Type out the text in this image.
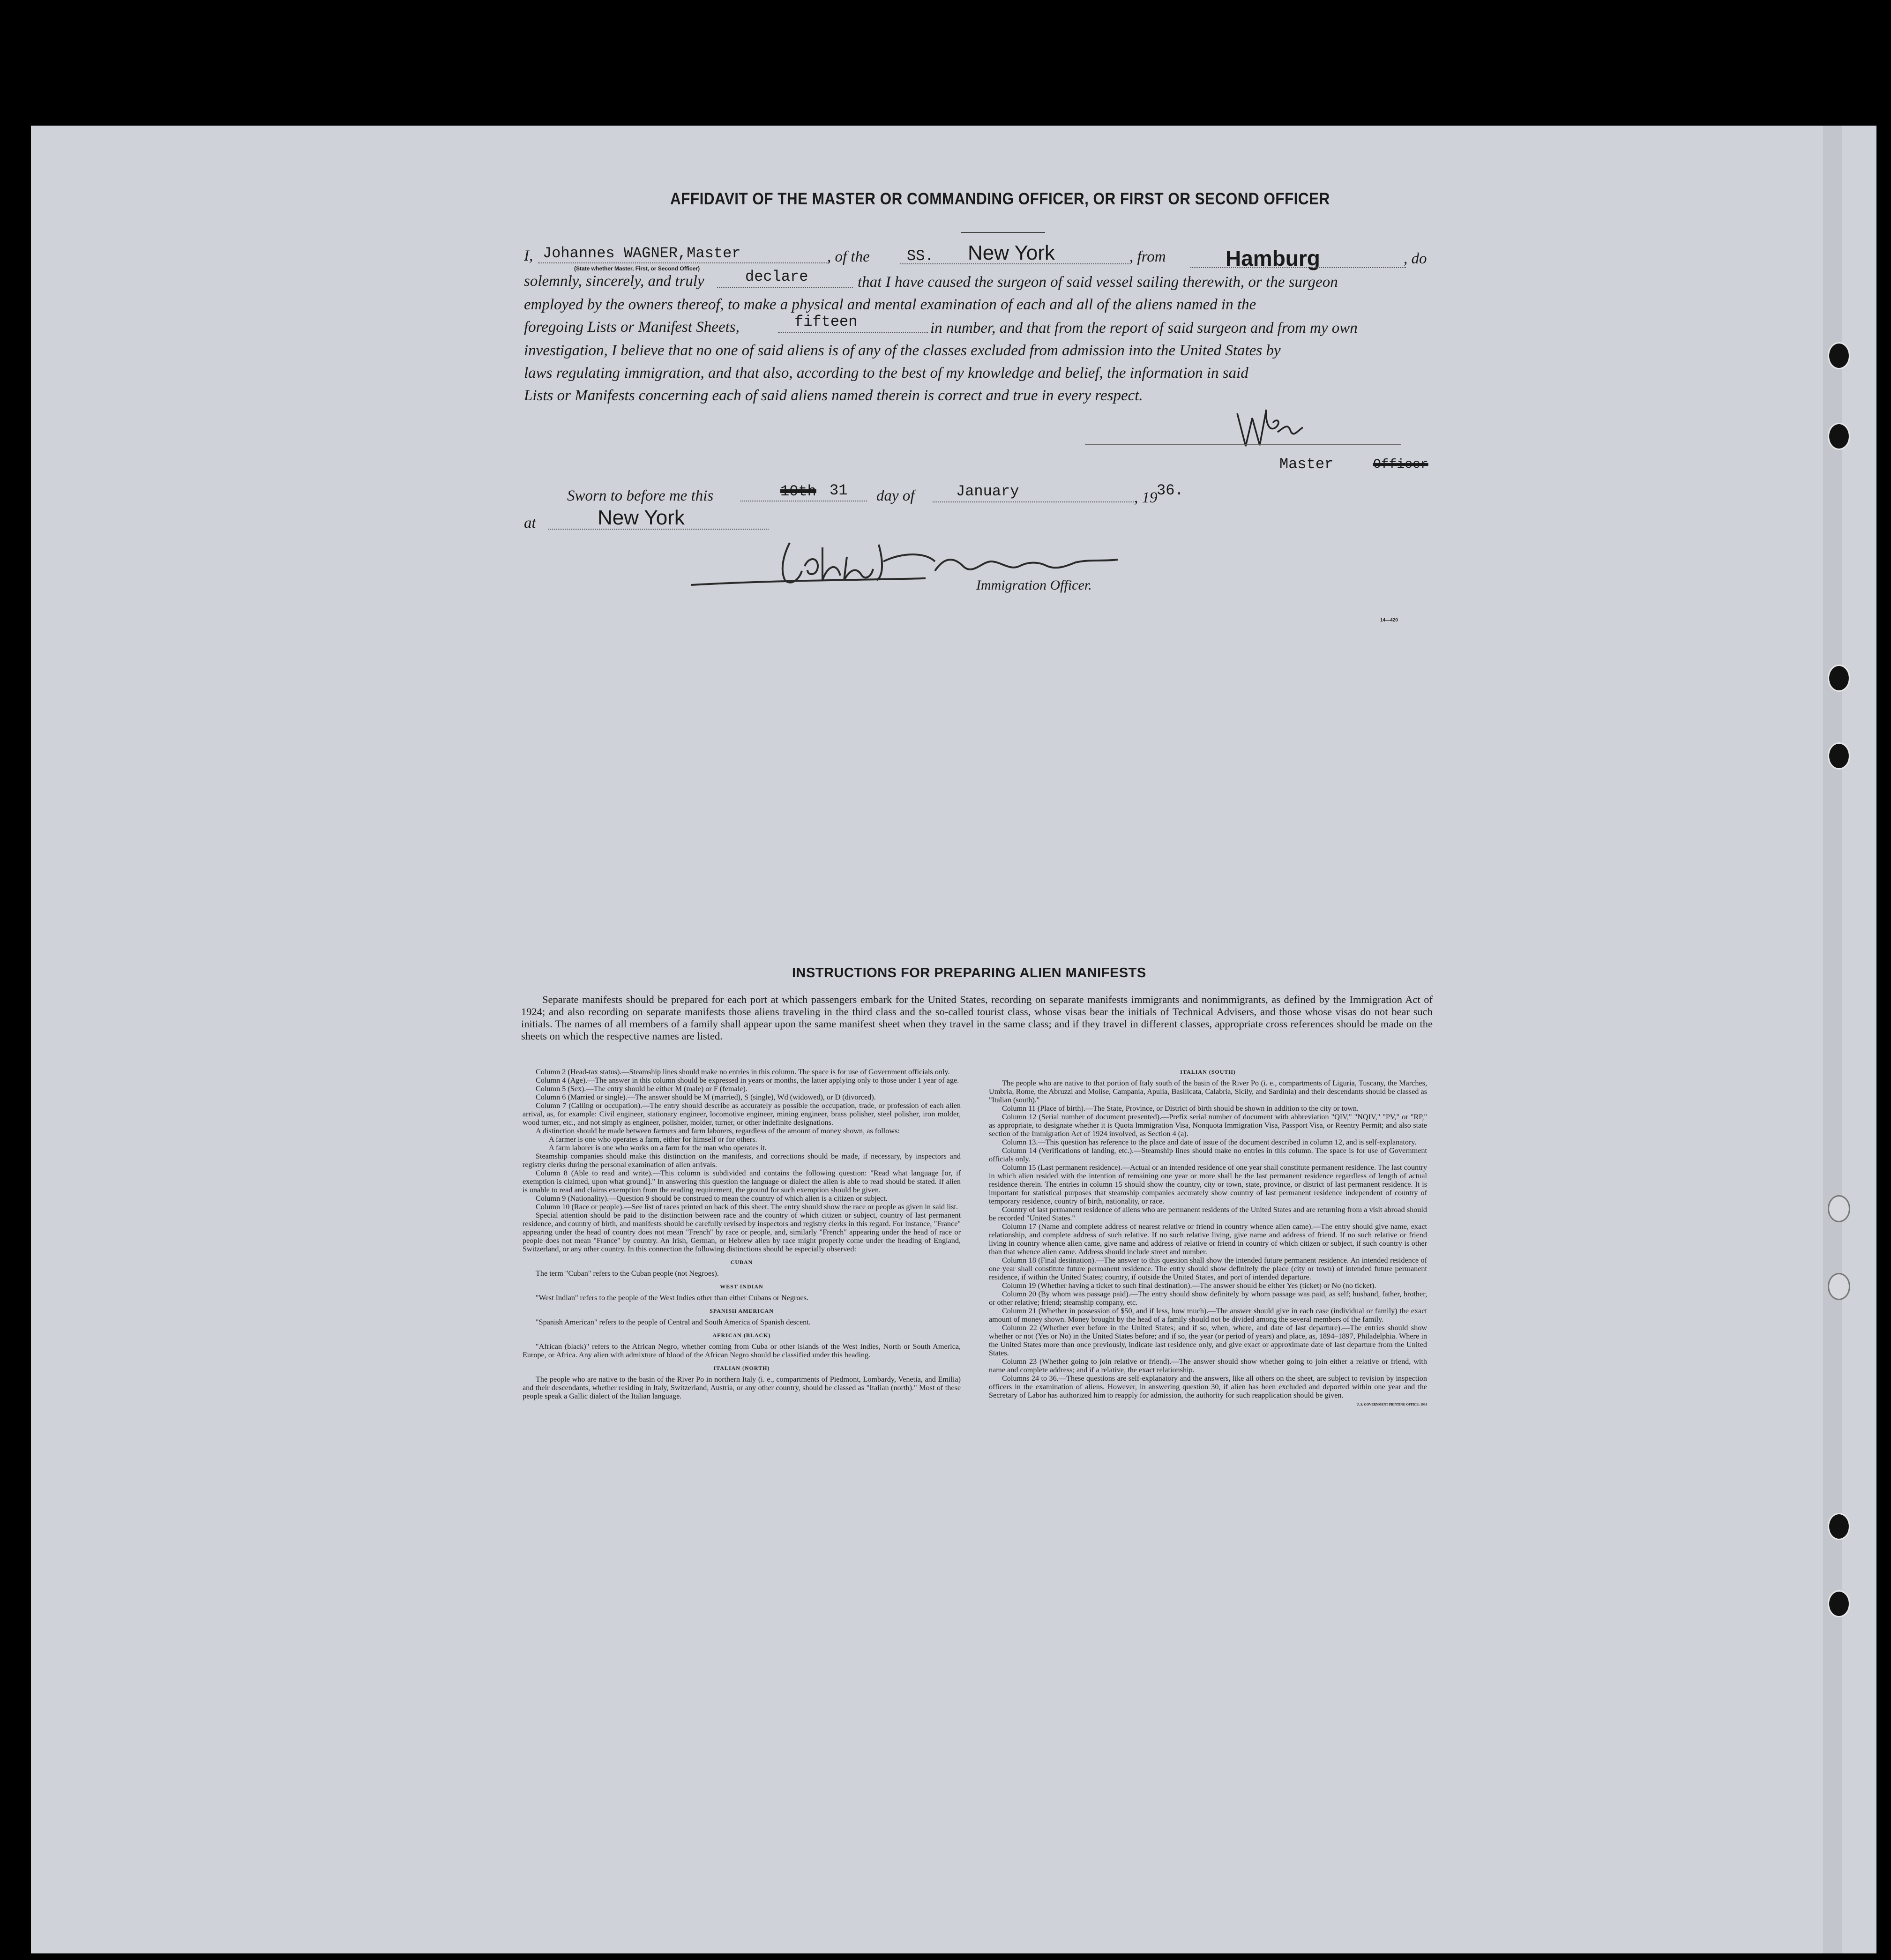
AFFIDAVIT OF THE MASTER OR COMMANDING OFFICER, OR FIRST OR SECOND OFFICER
I, Johannes WAGNER,Master
(State whether Master, First, or Second Officer)
, of the SS. New York	, from	Hamburg	, do
solemnly, sincerely, and truly	declare	that I have caused the surgeon of said vessel sailing therewith, or the surgeon
employed by the owners thereof, to make a physical and mental examination of each and all of the aliens named in the
foregoing Lists or Manifest Sheets,	fifteen	in number, and that from the report of said surgeon and from my own
investigation, I believe that no one of said aliens is of any of the classes excluded from admission into the United States by
laws regulating immigration, and that also, according to the best of my knowledge and belief, the information in said
Lists or Manifests concerning each of said aliens named therein is correct and true in every respect.
Master	Officer
Sworn to before me this	10th 31 day of	January	, 19
36.
at	New York
Immigration Officer.
14—420
INSTRUCTIONS FOR PREPARING ALIEN MANIFESTS
Separate manifests should be prepared for each port at which passengers embark for the United States, recording on separate manifests immigrants and nonimmigrants, as defined by the Immigration Act of 1924; and also recording on separate manifests those aliens traveling in the third class and the so-called tourist class, whose visas bear the initials of Technical Advisers, and those whose visas do not bear such initials. The names of all members of a family shall appear upon the same manifest sheet when they travel in the same class; and if they travel in different classes, appropriate cross references should be made on the sheets on which the respective names are listed.

Column 2 (Head-tax status).—Steamship lines should make no entries in this column. The space is for use of Government officials only.

Column 4 (Age).—The answer in this column should be expressed in years or months, the latter applying only to those under 1 year of age.

Column 5 (Sex).—The entry should be either M (male) or F (female).

Column 6 (Married or single).—The answer should be M (married), S (single), Wd (widowed), or D (divorced).

Column 7 (Calling or occupation).—The entry should describe as accurately as possible the occupation, trade, or profession of each alien arrival, as, for example: Civil engineer, stationary engineer, locomotive engineer, mining engineer, brass polisher, steel polisher, iron molder, wood turner, etc., and not simply as engineer, polisher, molder, turner, or other indefinite designations.

A distinction should be made between farmers and farm laborers, regardless of the amount of money shown, as follows:

A farmer is one who operates a farm, either for himself or for others.

A farm laborer is one who works on a farm for the man who operates it.

Steamship companies should make this distinction on the manifests, and corrections should be made, if necessary, by inspectors and registry clerks during the personal examination of alien arrivals.

Column 8 (Able to read and write).—This column is subdivided and contains the following question: "Read what language [or, if exemption is claimed, upon what ground]." In answering this question the language or dialect the alien is able to read should be stated. If alien is unable to read and claims exemption from the reading requirement, the ground for such exemption should be given.

Column 9 (Nationality).—Question 9 should be construed to mean the country of which alien is a citizen or subject.

Column 10 (Race or people).—See list of races printed on back of this sheet. The entry should show the race or people as given in said list.

Special attention should be paid to the distinction between race and the country of which citizen or subject, country of last permanent residence, and country of birth, and manifests should be carefully revised by inspectors and registry clerks in this regard. For instance, "France" appearing under the head of country does not mean "French" by race or people, and, similarly "French" appearing under the head of race or people does not mean "France" by country. An Irish, German, or Hebrew alien by race might properly come under the heading of England, Switzerland, or any other country. In this connection the following distinctions should be especially observed:

CUBAN

The term "Cuban" refers to the Cuban people (not Negroes).

WEST INDIAN

"West Indian" refers to the people of the West Indies other than either Cubans or Negroes.

SPANISH AMERICAN

"Spanish American" refers to the people of Central and South America of Spanish descent.

AFRICAN (BLACK)

"African (black)" refers to the African Negro, whether coming from Cuba or other islands of the West Indies, North or South America, Europe, or Africa. Any alien with admixture of blood of the African Negro should be classified under this heading.

ITALIAN (NORTH)

The people who are native to the basin of the River Po in northern Italy (i. e., compartments of Piedmont, Lombardy, Venetia, and Emilia) and their descendants, whether residing in Italy, Switzerland, Austria, or any other country, should be classed as "Italian (north)." Most of these people speak a Gallic dialect of the Italian language.

ITALIAN (SOUTH)

The people who are native to that portion of Italy south of the basin of the River Po (i. e., compartments of Liguria, Tuscany, the Marches, Umbria, Rome, the Abruzzi and Molise, Campania, Apulia, Basilicata, Calabria, Sicily, and Sardinia) and their descendants should be classed as "Italian (south)."

Column 11 (Place of birth).—The State, Province, or District of birth should be shown in addition to the city or town.

Column 12 (Serial number of document presented).—Prefix serial number of document with abbreviation "QIV," "NQIV," "PV," or "RP," as appropriate, to designate whether it is Quota Immigration Visa, Nonquota Immigration Visa, Passport Visa, or Reentry Permit; and also state section of the Immigration Act of 1924 involved, as Section 4 (a).

Column 13.—This question has reference to the place and date of issue of the document described in column 12, and is self-explanatory.

Column 14 (Verifications of landing, etc.).—Steamship lines should make no entries in this column. The space is for use of Government officials only.

Column 15 (Last permanent residence).—Actual or an intended residence of one year shall constitute permanent residence. The last country in which alien resided with the intention of remaining one year or more shall be the last permanent residence regardless of length of actual residence therein. The entries in column 15 should show the country, city or town, state, province, or district of last permanent residence. It is important for statistical purposes that steamship companies accurately show country of last permanent residence independent of country of temporary residence, country of birth, nationality, or race.

Country of last permanent residence of aliens who are permanent residents of the United States and are returning from a visit abroad should be recorded "United States."

Column 17 (Name and complete address of nearest relative or friend in country whence alien came).—The entry should give name, exact relationship, and complete address of such relative. If no such relative living, give name and address of friend. If no such relative or friend living in country whence alien came, give name and address of relative or friend in country of which citizen or subject, if such country is other than that whence alien came. Address should include street and number.

Column 18 (Final destination).—The answer to this question shall show the intended future permanent residence. An intended residence of one year shall constitute future permanent residence. The entry should show definitely the place (city or town) of intended future permanent residence, if within the United States; country, if outside the United States, and port of intended departure.

Column 19 (Whether having a ticket to such final destination).—The answer should be either Yes (ticket) or No (no ticket).

Column 20 (By whom was passage paid).—The entry should show definitely by whom passage was paid, as self; husband, father, brother, or other relative; friend; steamship company, etc.

Column 21 (Whether in possession of $50, and if less, how much).—The answer should give in each case (individual or family) the exact amount of money shown. Money brought by the head of a family should not be divided among the several members of the family.

Column 22 (Whether ever before in the United States; and if so, when, where, and date of last departure).—The entries should show whether or not (Yes or No) in the United States before; and if so, the year (or period of years) and place, as, 1894–1897, Philadelphia. Where in the United States more than once previously, indicate last residence only, and give exact or approximate date of last departure from the United States.

Column 23 (Whether going to join relative or friend).—The answer should show whether going to join either a relative or friend, with name and complete address; and if a relative, the exact relationship.

Columns 24 to 36.—These questions are self-explanatory and the answers, like all others on the sheet, are subject to revision by inspection officers in the examination of aliens. However, in answering question 30, if alien has been excluded and deported within one year and the Secretary of Labor has authorized him to reapply for admission, the authority for such reapplication should be given.

U. S. GOVERNMENT PRINTING OFFICE: 1934
